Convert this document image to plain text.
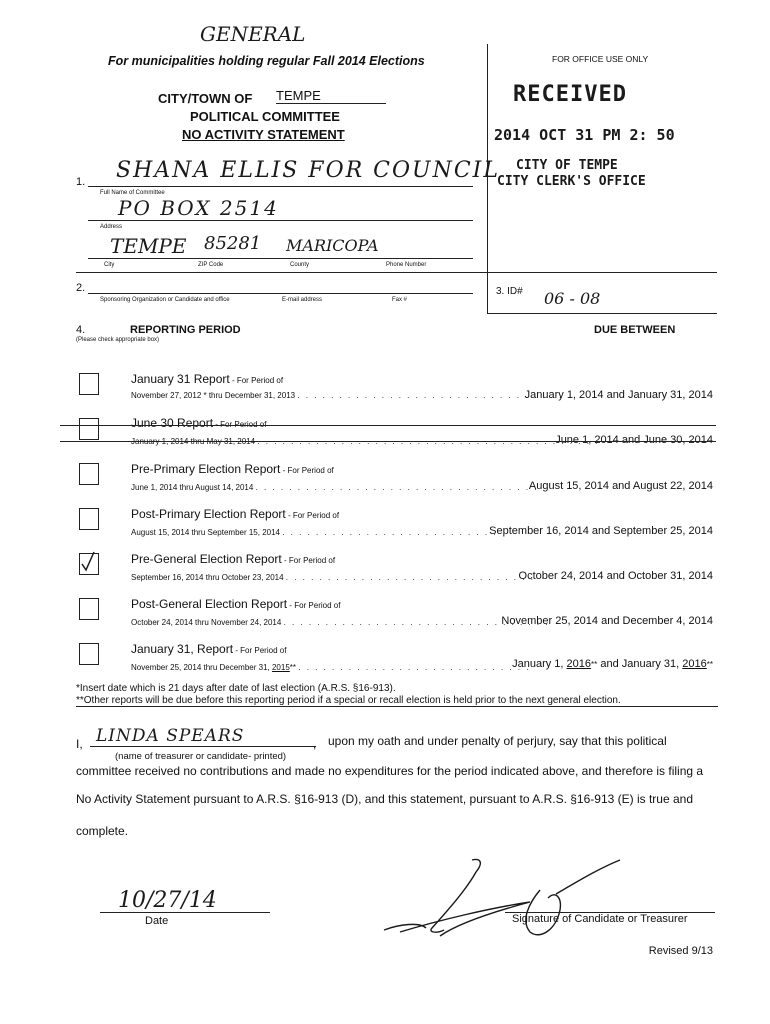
GENERAL
For municipalities holding regular Fall 2014 Elections	FOR OFFICE USE ONLY
RECEIVED
2014 OCT 31 PM 2: 50
CITY OF TEMPE
CITY CLERK'S OFFICE
CITY/TOWN OF TEMPE
POLITICAL COMMITTEE
NO ACTIVITY STATEMENT
1. SHANA ELLIS FOR COUNCIL
Full Name of Committee
PO BOX 2514
Address
TEMPE 85281 MARICOPA
City	ZIP Code	County	Phone Number
2.
Sponsoring Organization or Candidate and office	E-mail address	Fax #
3. ID# 06 - 08
4.	REPORTING PERIOD
(Please check appropriate box)
DUE BETWEEN
January 31 Report - For Period of
November 27, 2012 * thru December 31, 2013 . . . . . . . . . . . . . . . . . . . . . . . . . . . . . . . .
January 1, 2014 and January 31, 2014
June 30 Report - For Period of
January 1, 2014 thru May 31, 2014 . . . . . . . . . . . . . . . . . . . . . . . . . . . . . . . . . . . . . . . . .
June 1, 2014 and June 30, 2014
Pre-Primary Election Report - For Period of
June 1, 2014 thru August 14, 2014 . . . . . . . . . . . . . . . . . . . . . . . . . . . . . . . . . .
August 15, 2014 and August 22, 2014
Post-Primary Election Report - For Period of
August 15, 2014 thru September 15, 2014 . . . . . . . . . . . . . . . . . . . . . . . . . .
September 16, 2014 and September 25, 2014
Pre-General Election Report - For Period of
September 16, 2014 thru October 23, 2014 . . . . . . . . . . . . . . . . . . . . . . . . . . . . . .
October 24, 2014 and October 31, 2014
Post-General Election Report - For Period of
October 24, 2014 thru November 24, 2014 . . . . . . . . . . . . . . . . . . . . . . . . . . . . . . . .
November 25, 2014 and December 4, 2014
January 31, Report - For Period of
November 25, 2014 thru December 31, 2015** . . . . . . . . . . . . . . . . . . . . . . . . . . . .
January 1, 2016** and January 31, 2016**
*Insert date which is 21 days after date of last election (A.R.S. §16-913).
**Other reports will be due before this reporting period if a special or recall election is held prior to the next general election.
I, LINDA SPEARS	, upon my oath and under penalty of perjury, say that this political
(name of treasurer or candidate- printed)
committee received no contributions and made no expenditures for the period indicated above, and therefore is filing a
No Activity Statement pursuant to A.R.S. §16-913 (D), and this statement, pursuant to A.R.S. §16-913 (E) is true and
complete.
10/27/14
Date	Signature of Candidate or Treasurer
Revised 9/13
